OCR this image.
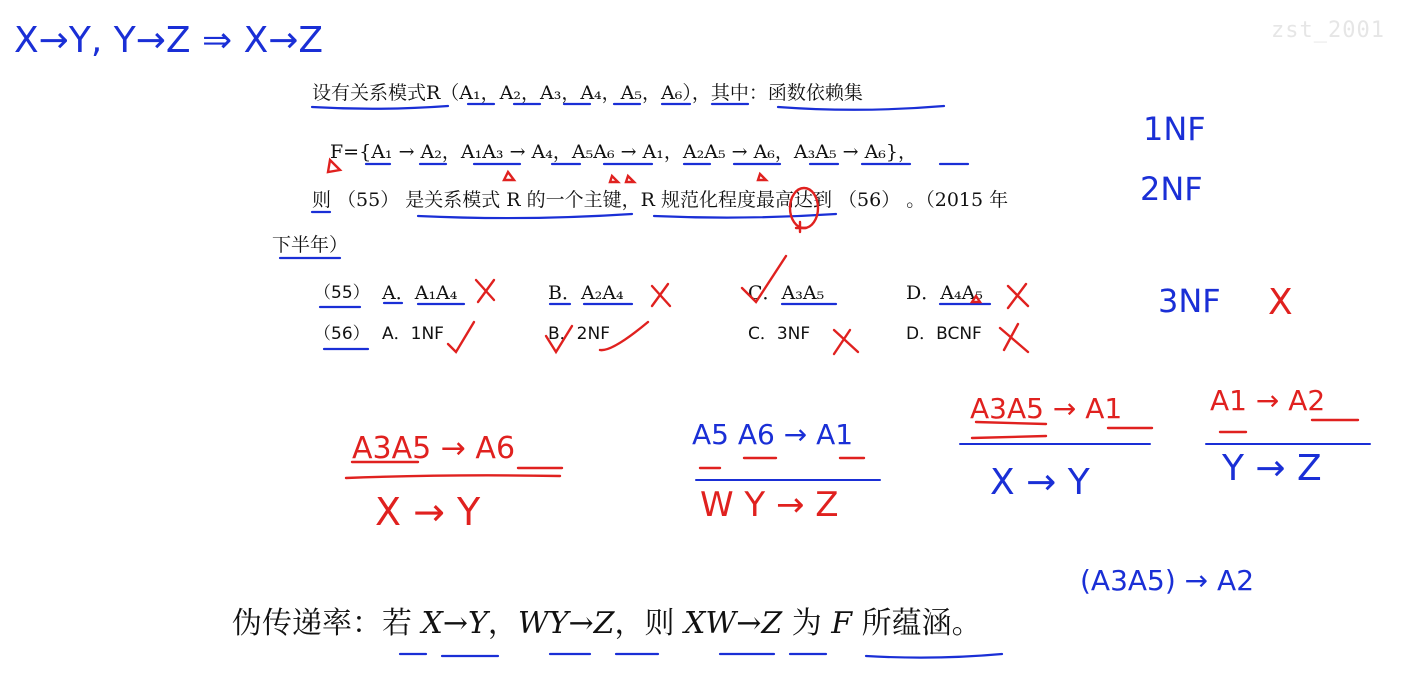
zst_2001
设有关系模式R（A₁，A₂，A₃，A₄，A₅，A₆），其中：函数依赖集
F={A₁ → A₂，A₁A₃ → A₄，A₅A₆ → A₁，A₂A₅ → A₆，A₃A₅ → A₆}，
则 （55） 是关系模式 R 的一个主键，R 规范化程度最高达到 （56） 。（2015 年
下半年）
（55） A．A₁A₄	B．A₂A₄	C．A₃A₅	D．A₄A₅
（56） A．1NF	B．2NF	C．3NF	D．BCNF
伪传递率：若 X→Y，WY→Z，则 XW→Z 为 F 所蕴涵。
X→Y, Y→Z ⇒ X→Z
1NF
2NF
3NF X
A3A5 → A6
X → Y
A5 A6 → A1
W Y → Z
A3A5 → A1	A1 → A2
X → Y	Y → Z
(A3A5) → A2
